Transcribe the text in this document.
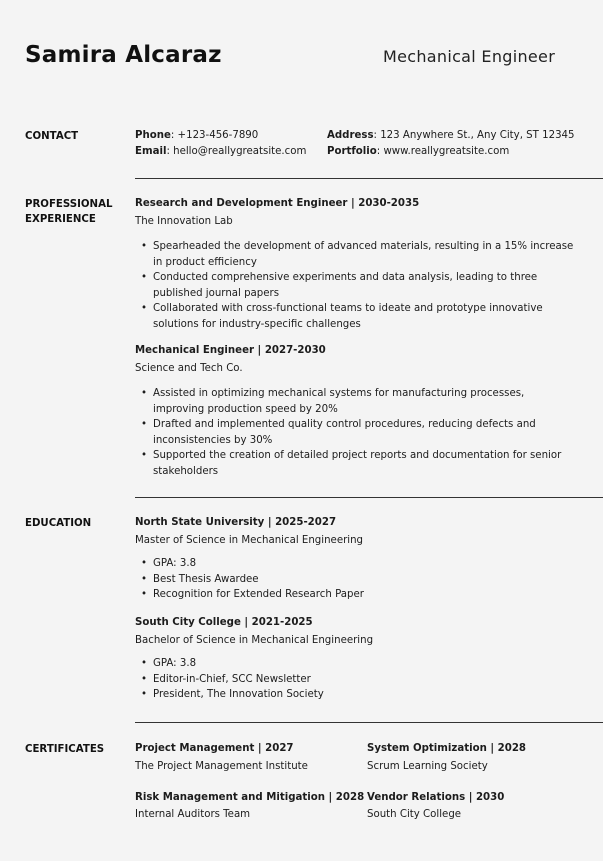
Samira Alcaraz	Mechanical Engineer
CONTACT	Phone: +123-456-7890
Email: hello@reallygreatsite.com
Address: 123 Anywhere St., Any City, ST 12345
Portfolio: www.reallygreatsite.com
PROFESSIONAL
EXPERIENCE
Research and Development Engineer | 2030-2035
The Innovation Lab
• Spearheaded the development of advanced materials, resulting in a 15% increase in product efficiency
• Conducted comprehensive experiments and data analysis, leading to three published journal papers
• Collaborated with cross-functional teams to ideate and prototype innovative solutions for industry-specific challenges
Mechanical Engineer | 2027-2030
Science and Tech Co.
• Assisted in optimizing mechanical systems for manufacturing processes, improving production speed by 20%
• Drafted and implemented quality control procedures, reducing defects and inconsistencies by 30%
• Supported the creation of detailed project reports and documentation for senior stakeholders
EDUCATION	North State University | 2025-2027
Master of Science in Mechanical Engineering
• GPA: 3.8
• Best Thesis Awardee
• Recognition for Extended Research Paper
South City College | 2021-2025
Bachelor of Science in Mechanical Engineering
• GPA: 3.8
• Editor-in-Chief, SCC Newsletter
• President, The Innovation Society
CERTIFICATES	Project Management | 2027
The Project Management Institute
System Optimization | 2028
Scrum Learning Society
Risk Management and Mitigation | 2028
Internal Auditors Team
Vendor Relations | 2030
South City College
